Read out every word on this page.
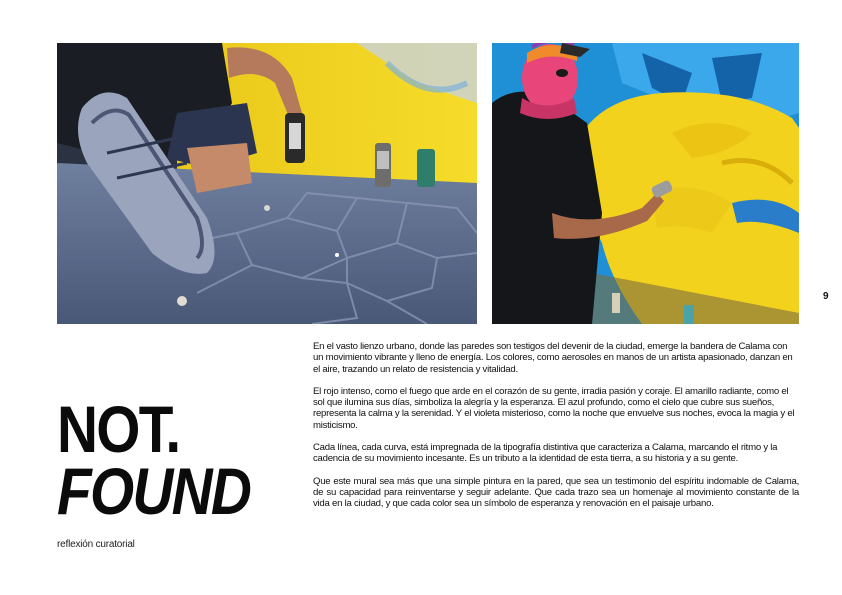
9
NOT.
FOUND
reflexión curatorial

En el vasto lienzo urbano, donde las paredes son testigos del devenir de la ciudad, emerge la bandera de Calama con un movimiento vibrante y lleno de energía. Los colores, como aerosoles en manos de un artista apasionado, danzan en el aire, trazando un relato de resistencia y vitalidad.

El rojo intenso, como el fuego que arde en el corazón de su gente, irradia pasión y coraje. El amarillo radiante, como el sol que ilumina sus días, simboliza la alegría y la esperanza. El azul profundo, como el cielo que cubre sus sueños, representa la calma y la serenidad. Y el violeta misterioso, como la noche que envuelve sus noches, evoca la magia y el misticismo.

Cada línea, cada curva, está impregnada de la tipografía distintiva que caracteriza a Calama, marcando el ritmo y la cadencia de su movimiento incesante. Es un tributo a la identidad de esta tierra, a su historia y a su gente.

Que este mural sea más que una simple pintura en la pared, que sea un testimonio del espíritu indomable de Calama, de su capacidad para reinventarse y seguir adelante. Que cada trazo sea un homenaje al movimiento constante de la vida en la ciudad, y que cada color sea un símbolo de esperanza y renovación en el paisaje urbano.
